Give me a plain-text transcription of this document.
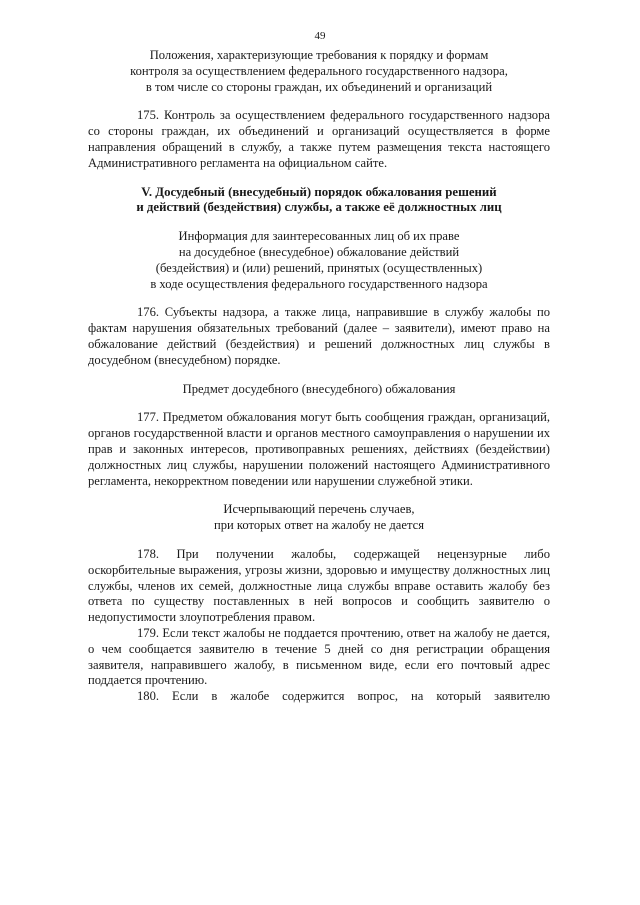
49
Положения, характеризующие требования к порядку и формам
контроля за осуществлением федерального государственного надзора,
в том числе со стороны граждан, их объединений и организаций

175. Контроль за осуществлением федерального государственного надзора со стороны граждан, их объединений и организаций осуществляется в форме направления обращений в службу, а также путем размещения текста настоящего Административного регламента на официальном сайте.

V. Досудебный (внесудебный) порядок обжалования решений
и действий (бездействия) службы, а также её должностных лиц
Информация для заинтересованных лиц об их праве
на досудебное (внесудебное) обжалование действий
(бездействия) и (или) решений, принятых (осуществленных)
в ходе осуществления федерального государственного надзора

176. Субъекты надзора, а также лица, направившие в службу жалобы по фактам нарушения обязательных требований (далее – заявители), имеют право на обжалование действий (бездействия) и решений должностных лиц службы в досудебном (внесудебном) порядке.

Предмет досудебного (внесудебного) обжалования

177. Предметом обжалования могут быть сообщения граждан, организаций, органов государственной власти и органов местного самоуправления о нарушении их прав и законных интересов, противоправных решениях, действиях (бездействии) должностных лиц службы, нарушении положений настоящего Административного регламента, некорректном поведении или нарушении служебной этики.

Исчерпывающий перечень случаев,
при которых ответ на жалобу не дается

178. При получении жалобы, содержащей нецензурные либо оскорбительные выражения, угрозы жизни, здоровью и имуществу должностных лиц службы, членов их семей, должностные лица службы вправе оставить жалобу без ответа по существу поставленных в ней вопросов и сообщить заявителю о недопустимости злоупотребления правом.

179. Если текст жалобы не поддается прочтению, ответ на жалобу не дается, о чем сообщается заявителю в течение 5 дней со дня регистрации обращения заявителя, направившего жалобу, в письменном виде, если его почтовый адрес поддается прочтению.

180. Если в жалобе содержится вопрос, на который заявителю
